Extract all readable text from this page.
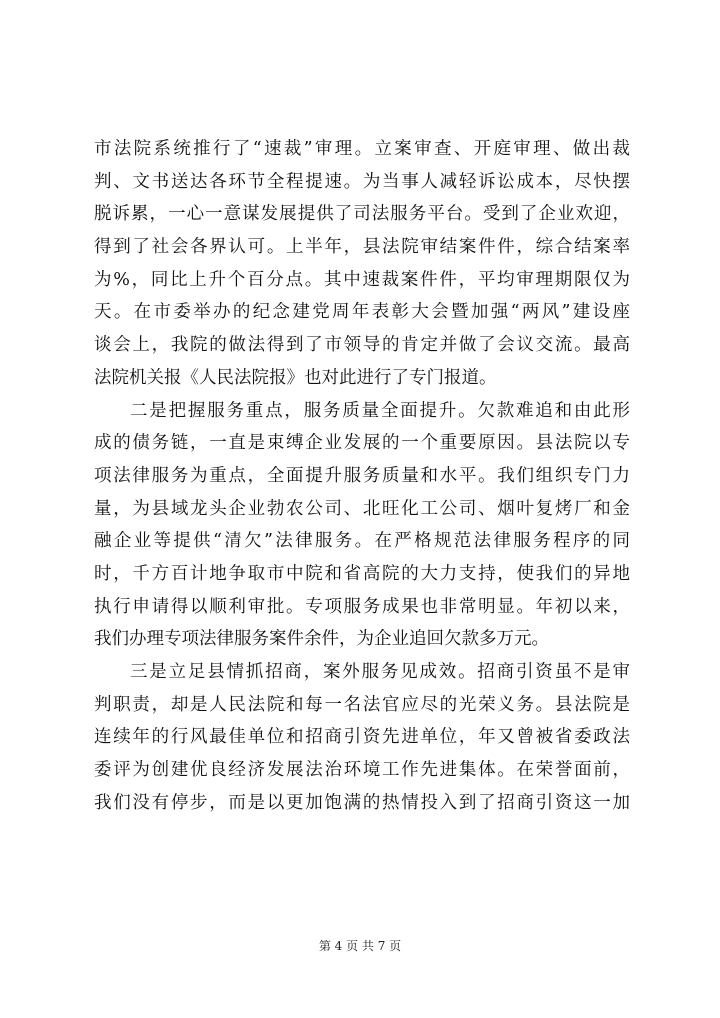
市法院系统推行了“速裁”审理。立案审查、开庭审理、做出裁
判、文书送达各环节全程提速。为当事人减轻诉讼成本，尽快摆
脱诉累，一心一意谋发展提供了司法服务平台。受到了企业欢迎，
得到了社会各界认可。上半年，县法院审结案件件，综合结案率
为%，同比上升个百分点。其中速裁案件件，平均审理期限仅为
天。在市委举办的纪念建党周年表彰大会暨加强“两风”建设座
谈会上，我院的做法得到了市领导的肯定并做了会议交流。最高
法院机关报《人民法院报》也对此进行了专门报道。
二是把握服务重点，服务质量全面提升。欠款难追和由此形
成的债务链，一直是束缚企业发展的一个重要原因。县法院以专
项法律服务为重点，全面提升服务质量和水平。我们组织专门力
量，为县域龙头企业勃农公司、北旺化工公司、烟叶复烤厂和金
融企业等提供“清欠”法律服务。在严格规范法律服务程序的同
时，千方百计地争取市中院和省高院的大力支持，使我们的异地
执行申请得以顺利审批。专项服务成果也非常明显。年初以来，
我们办理专项法律服务案件余件，为企业追回欠款多万元。
三是立足县情抓招商，案外服务见成效。招商引资虽不是审
判职责，却是人民法院和每一名法官应尽的光荣义务。县法院是
连续年的行风最佳单位和招商引资先进单位，年又曾被省委政法
委评为创建优良经济发展法治环境工作先进集体。在荣誉面前，
我们没有停步，而是以更加饱满的热情投入到了招商引资这一加
第 4 页 共 7 页
